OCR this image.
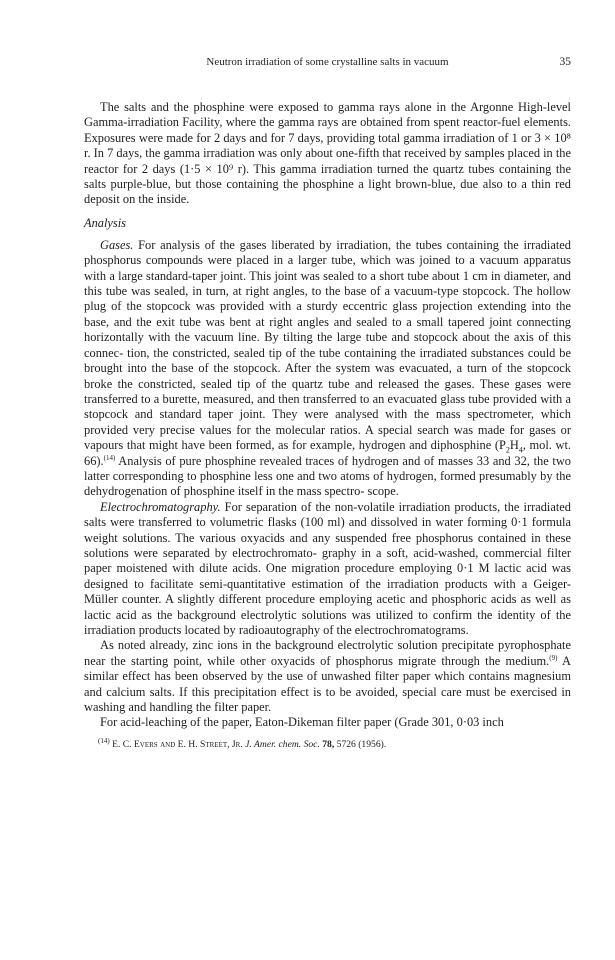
Neutron irradiation of some crystalline salts in vacuum	35

The salts and the phosphine were exposed to gamma rays alone in the Argonne High-level Gamma-irradiation Facility, where the gamma rays are obtained from spent reactor-fuel elements. Exposures were made for 2 days and for 7 days, providing total gamma irradiation of 1 or 3 × 10⁸ r. In 7 days, the gamma irradiation was only about one-fifth that received by samples placed in the reactor for 2 days (1·5 × 10⁹ r). This gamma irradiation turned the quartz tubes containing the salts purple-blue, but those containing the phosphine a light brown-blue, due also to a thin red deposit on the inside.

Analysis

Gases. For analysis of the gases liberated by irradiation, the tubes containing the irradiated phosphorus compounds were placed in a larger tube, which was joined to a vacuum apparatus with a large standard-taper joint. This joint was sealed to a short tube about 1 cm in diameter, and this tube was sealed, in turn, at right angles, to the base of a vacuum-type stopcock. The hollow plug of the stopcock was provided with a sturdy eccentric glass projection extending into the base, and the exit tube was bent at right angles and sealed to a small tapered joint connecting horizontally with the vacuum line. By tilting the large tube and stopcock about the axis of this connec- tion, the constricted, sealed tip of the tube containing the irradiated substances could be brought into the base of the stopcock. After the system was evacuated, a turn of the stopcock broke the constricted, sealed tip of the quartz tube and released the gases. These gases were transferred to a burette, measured, and then transferred to an evacuated glass tube provided with a stopcock and standard taper joint. They were analysed with the mass spectrometer, which provided very precise values for the molecular ratios. A special search was made for gases or vapours that might have been formed, as for example, hydrogen and diphosphine ($P_2H_4$, mol. wt. 66).$^{(14)}$ Analysis of pure phosphine revealed traces of hydrogen and of masses 33 and 32, the two latter corresponding to phosphine less one and two atoms of hydrogen, formed presumably by the dehydrogenation of phosphine itself in the mass spectro- scope.

Electrochromatography. For separation of the non-volatile irradiation products, the irradiated salts were transferred to volumetric flasks (100 ml) and dissolved in water forming 0·1 formula weight solutions. The various oxyacids and any suspended free phosphorus contained in these solutions were separated by electrochromato- graphy in a soft, acid-washed, commercial filter paper moistened with dilute acids. One migration procedure employing 0·1 M lactic acid was designed to facilitate semi-quantitative estimation of the irradiation products with a Geiger-Müller counter. A slightly different procedure employing acetic and phosphoric acids as well as lactic acid as the background electrolytic solutions was utilized to confirm the identity of the irradiation products located by radioautography of the electrochromatograms.

As noted already, zinc ions in the background electrolytic solution precipitate pyrophosphate near the starting point, while other oxyacids of phosphorus migrate through the medium.$^{(9)}$ A similar effect has been observed by the use of unwashed filter paper which contains magnesium and calcium salts. If this precipitation effect is to be avoided, special care must be exercised in washing and handling the filter paper.

For acid-leaching of the paper, Eaton-Dikeman filter paper (Grade 301, 0·03 inch

$^{(14)}$ E. C. Evers and E. H. Street, Jr. J. Amer. chem. Soc. 78, 5726 (1956).
